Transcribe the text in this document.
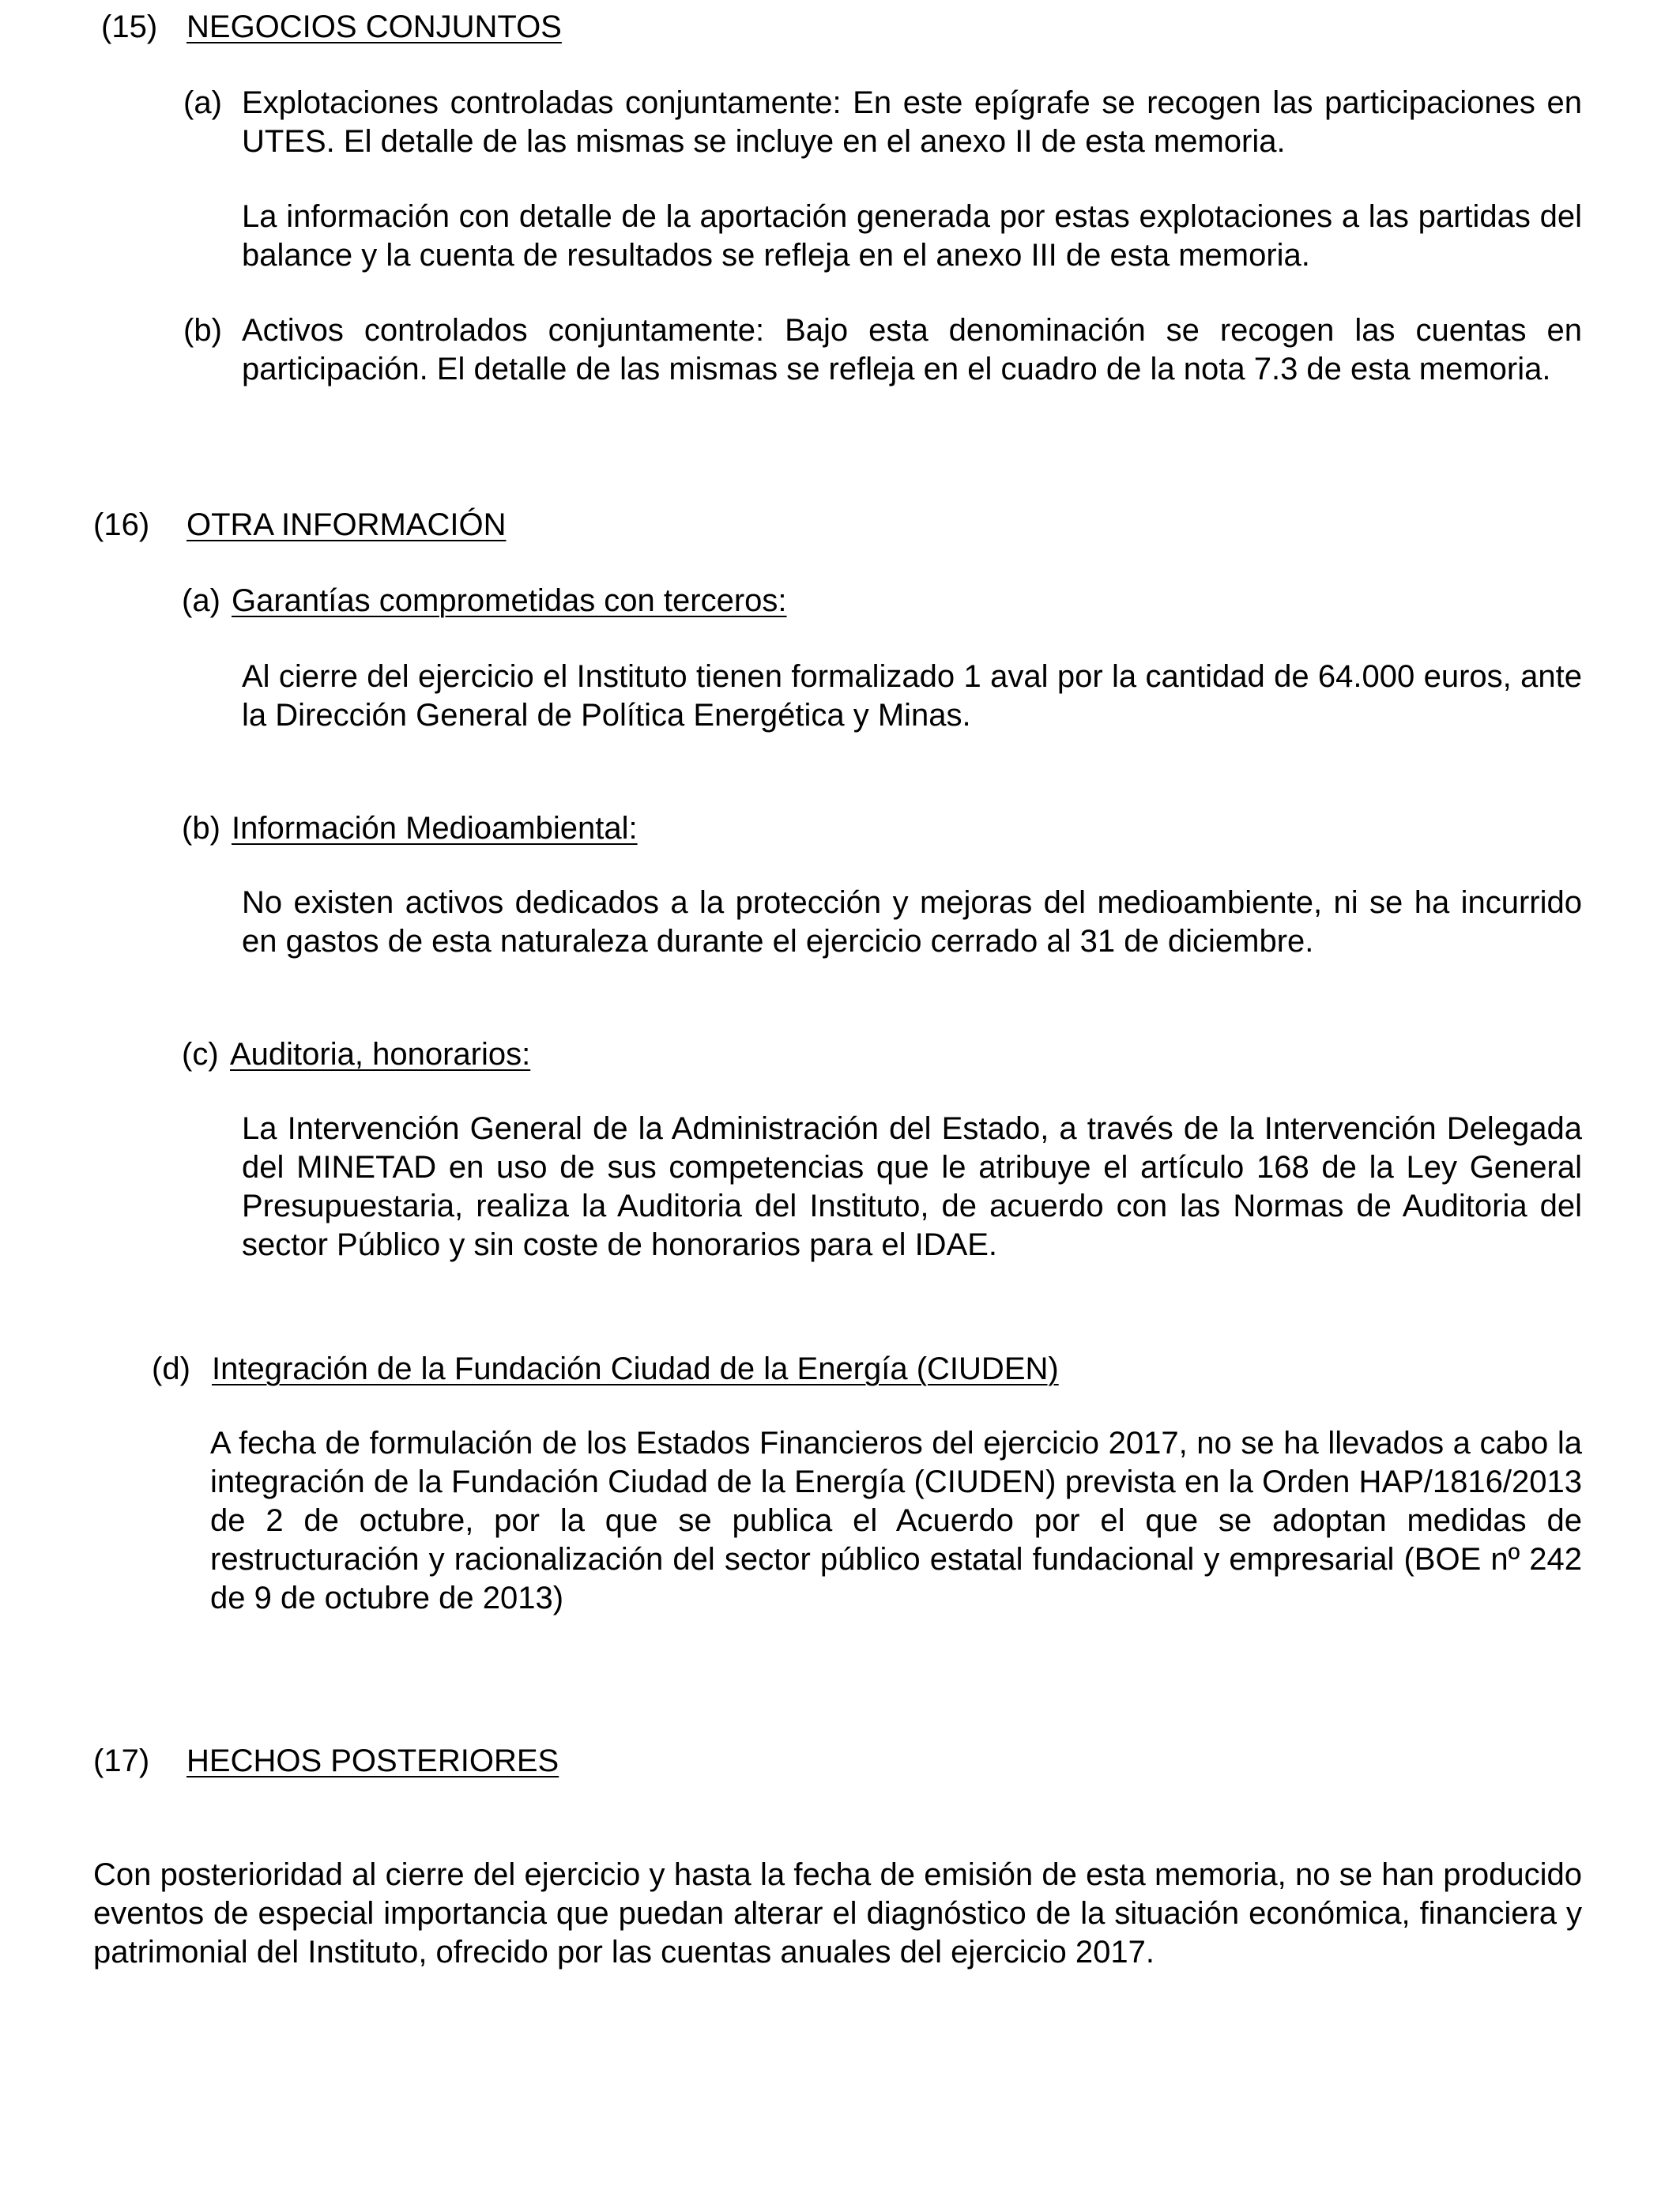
(15) NEGOCIOS CONJUNTOS
(a) Explotaciones controladas conjuntamente: En este epígrafe se recogen las participaciones en UTES. El detalle de las mismas se incluye en el anexo II de esta memoria.
La información con detalle de la aportación generada por estas explotaciones a las partidas del balance y la cuenta de resultados se refleja en el anexo III de esta memoria.
(b) Activos controlados conjuntamente: Bajo esta denominación se recogen las cuentas en participación. El detalle de las mismas se refleja en el cuadro de la nota 7.3 de esta memoria.
(16) OTRA INFORMACIÓN
(a) Garantías comprometidas con terceros:
Al cierre del ejercicio el Instituto tienen formalizado 1 aval por la cantidad de 64.000 euros, ante la Dirección General de Política Energética y Minas.
(b) Información Medioambiental:
No existen activos dedicados a la protección y mejoras del medioambiente, ni se ha incurrido en gastos de esta naturaleza durante el ejercicio cerrado al 31 de diciembre.
(c) Auditoria, honorarios:
La Intervención General de la Administración del Estado, a través de la Intervención Delegada del MINETAD en uso de sus competencias que le atribuye el artículo 168 de la Ley General Presupuestaria, realiza la Auditoria del Instituto, de acuerdo con las Normas de Auditoria del sector Público y sin coste de honorarios para el IDAE.
(d) Integración de la Fundación Ciudad de la Energía (CIUDEN)
A fecha de formulación de los Estados Financieros del ejercicio 2017, no se ha llevados a cabo la integración de la Fundación Ciudad de la Energía (CIUDEN) prevista en la Orden HAP/1816/2013 de 2 de octubre, por la que se publica el Acuerdo por el que se adoptan medidas de restructuración y racionalización del sector público estatal fundacional y empresarial (BOE nº 242 de 9 de octubre de 2013)
(17) HECHOS POSTERIORES
Con posterioridad al cierre del ejercicio y hasta la fecha de emisión de esta memoria, no se han producido eventos de especial importancia que puedan alterar el diagnóstico de la situación económica, financiera y patrimonial del Instituto, ofrecido por las cuentas anuales del ejercicio 2017.
